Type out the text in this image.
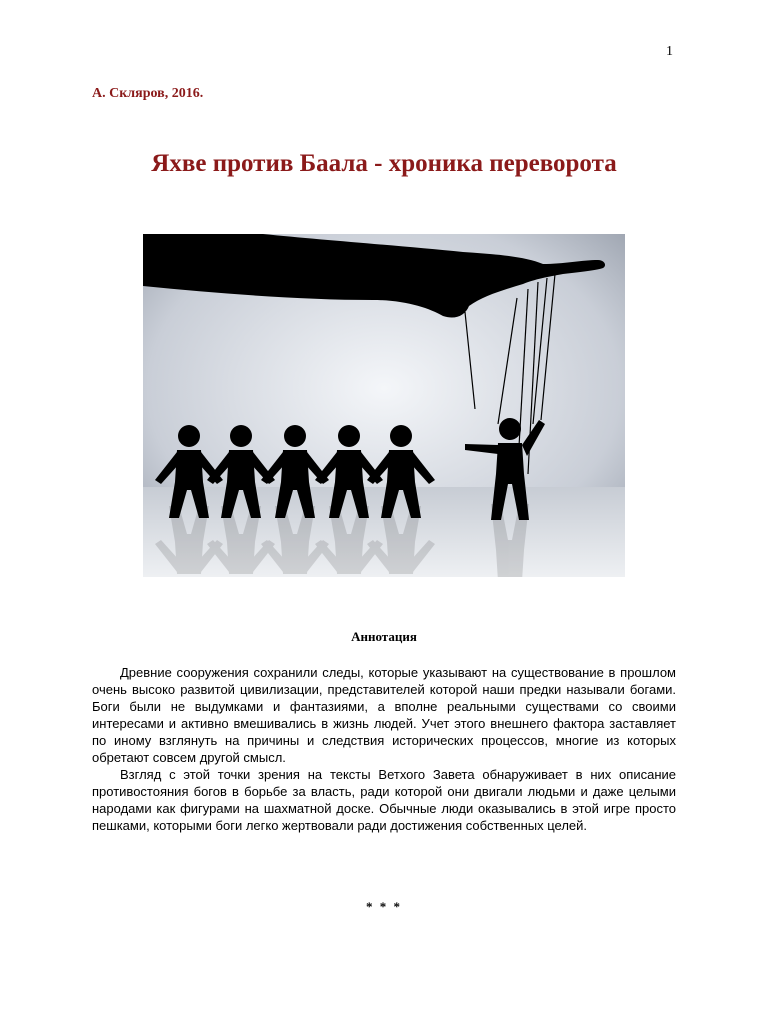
1
А. Скляров, 2016.
Яхве против Баала - хроника переворота
Аннотация

Древние сооружения сохранили следы, которые указывают на существование в прошлом очень высоко развитой цивилизации, представителей которой наши предки называли богами. Боги были не выдумками и фантазиями, а вполне реальными существами со своими интересами и активно вмешивались в жизнь людей. Учет этого внешнего фактора заставляет по иному взглянуть на причины и следствия исторических процессов, многие из которых обретают совсем другой смысл.

Взгляд с этой точки зрения на тексты Ветхого Завета обнаруживает в них описание противостояния богов в борьбе за власть, ради которой они двигали людьми и даже целыми народами как фигурами на шахматной доске. Обычные люди оказывались в этой игре просто пешками, которыми боги легко жертвовали ради достижения собственных целей.

* * *
